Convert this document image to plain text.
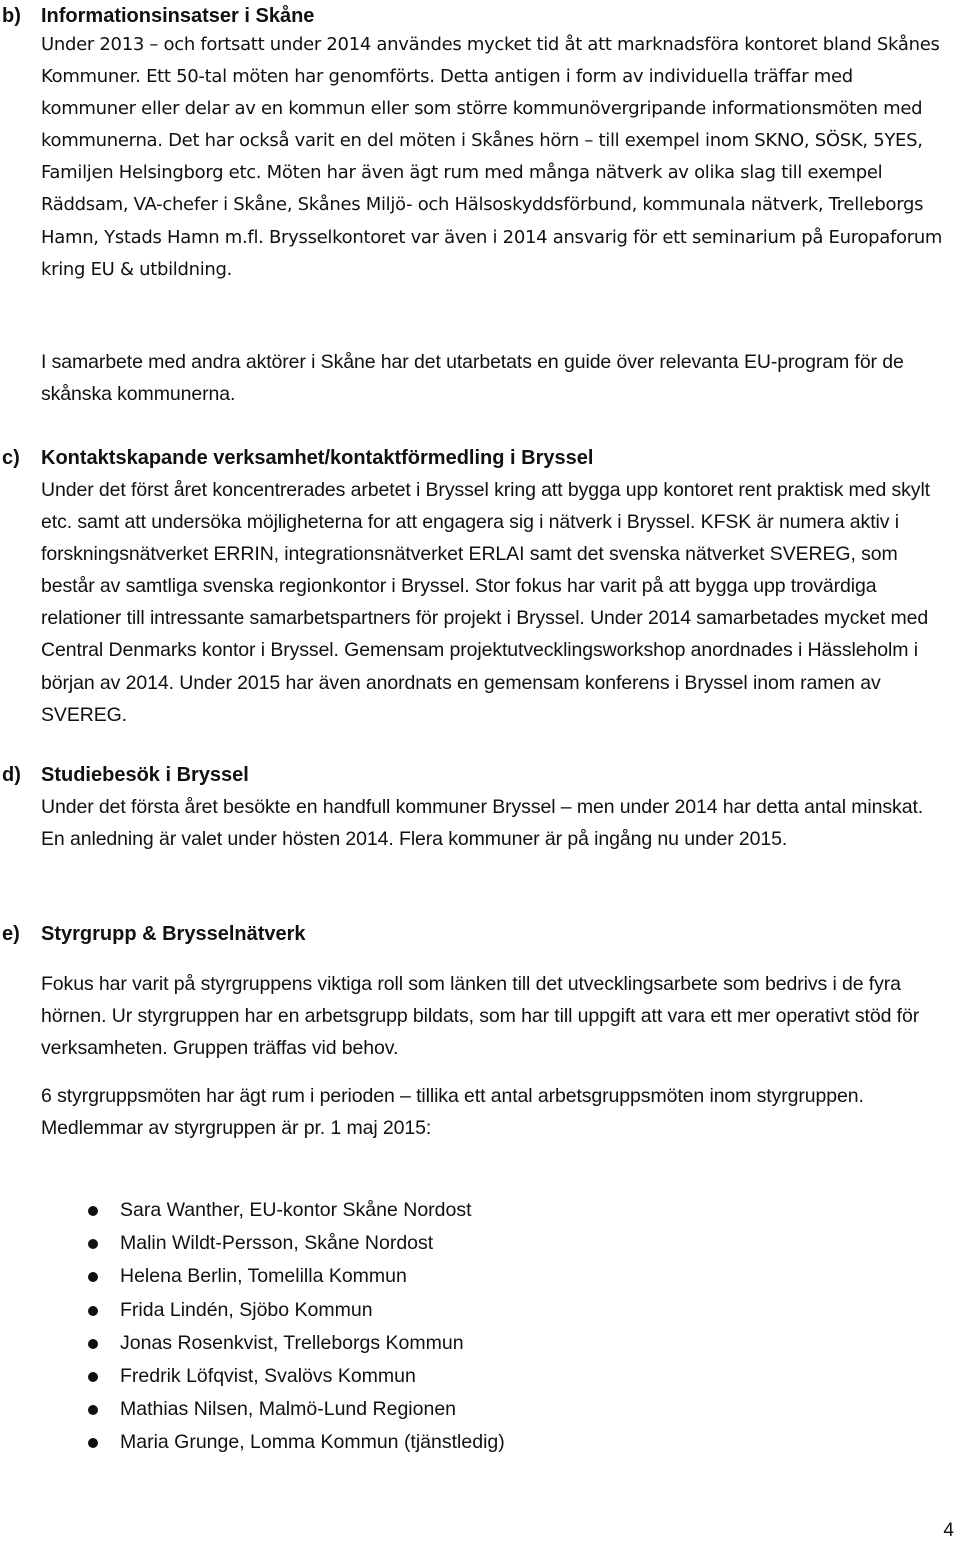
b) Informationsinsatser i Skåne

Under 2013 – och fortsatt under 2014 användes mycket tid åt att marknadsföra kontoret bland Skånes Kommuner. Ett 50-tal möten har genomförts. Detta antigen i form av individuella träffar med kommuner eller delar av en kommun eller som större kommunövergripande informationsmöten med kommunerna. Det har också varit en del möten i Skånes hörn – till exempel inom SKNO, SÖSK, 5YES, Familjen Helsingborg etc. Möten har även ägt rum med många nätverk av olika slag till exempel Räddsam, VA-chefer i Skåne, Skånes Miljö- och Hälsoskyddsförbund, kommunala nätverk, Trelleborgs Hamn, Ystads Hamn m.fl. Brysselkontoret var även i 2014 ansvarig för ett seminarium på Europaforum kring EU & utbildning.

I samarbete med andra aktörer i Skåne har det utarbetats en guide över relevanta EU-program för de skånska kommunerna.

c) Kontaktskapande verksamhet/kontaktförmedling i Bryssel

Under det först året koncentrerades arbetet i Bryssel kring att bygga upp kontoret rent praktisk med skylt etc. samt att undersöka möjligheterna for att engagera sig i nätverk i Bryssel. KFSK är numera aktiv i forskningsnätverket ERRIN, integrationsnätverket ERLAI samt det svenska nätverket SVEREG, som består av samtliga svenska regionkontor i Bryssel. Stor fokus har varit på att bygga upp trovärdiga relationer till intressante samarbetspartners för projekt i Bryssel. Under 2014 samarbetades mycket med Central Denmarks kontor i Bryssel. Gemensam projektutvecklingsworkshop anordnades i Hässleholm i början av 2014. Under 2015 har även anordnats en gemensam konferens i Bryssel inom ramen av SVEREG.

d) Studiebesök i Bryssel

Under det första året besökte en handfull kommuner Bryssel – men under 2014 har detta antal minskat. En anledning är valet under hösten 2014. Flera kommuner är på ingång nu under 2015.

e) Styrgrupp & Brysselnätverk

Fokus har varit på styrgruppens viktiga roll som länken till det utvecklingsarbete som bedrivs i de fyra hörnen. Ur styrgruppen har en arbetsgrupp bildats, som har till uppgift att vara ett mer operativt stöd för verksamheten. Gruppen träffas vid behov.

6 styrgruppsmöten har ägt rum i perioden – tillika ett antal arbetsgruppsmöten inom styrgruppen. Medlemmar av styrgruppen är pr. 1 maj 2015:

Sara Wanther, EU-kontor Skåne Nordost
Malin Wildt-Persson, Skåne Nordost
Helena Berlin, Tomelilla Kommun
Frida Lindén, Sjöbo Kommun
Jonas Rosenkvist, Trelleborgs Kommun
Fredrik Löfqvist, Svalövs Kommun
Mathias Nilsen, Malmö-Lund Regionen
Maria Grunge, Lomma Kommun (tjänstledig)
4
